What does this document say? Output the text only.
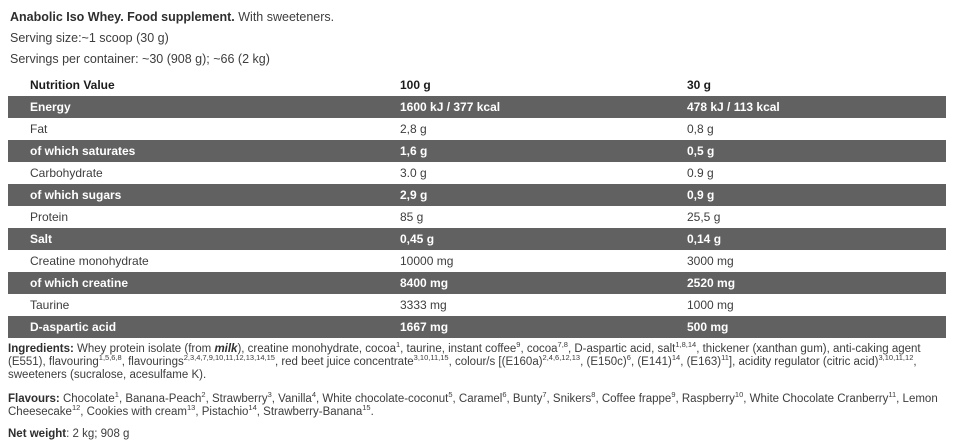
Anabolic Iso Whey. Food supplement. With sweeteners.
Serving size:~1 scoop (30 g)
Servings per container: ~30 (908 g); ~66 (2 kg)
Nutrition Value	100 g	30 g
Energy	1600 kJ / 377 kcal	478 kJ / 113 kcal
Fat	2,8 g	0,8 g
of which saturates	1,6 g	0,5 g
Carbohydrate	3.0 g	0.9 g
of which sugars	2,9 g	0,9 g
Protein	85 g	25,5 g
Salt	0,45 g	0,14 g
Creatine monohydrate	10000 mg	3000 mg
of which creatine	8400 mg	2520 mg
Taurine	3333 mg	1000 mg
D-aspartic acid	1667 mg	500 mg
Ingredients: Whey protein isolate (from milk), creatine monohydrate, cocoa$^1$, taurine, instant coffee$^9$, cocoa$^{7,8}$, D-aspartic acid, salt$^{1,8,14}$, thickener (xanthan gum), anti-caking agent (E551), flavouring$^{1,5,6,8}$, flavourings$^{2,3,4,7,9,10,11,12,13,14,15}$, red beet juice concentrate$^{3,10,11,15}$, colour/s [$(E160a)^{2,4,6,12,13}$, $(E150c)^6$, $(E141)^{14}$, $(E163)^{11}$], acidity regulator (citric acid)$^{3,10,11,12}$, sweeteners (sucralose, acesulfame K).
Flavours: Chocolate$^1$, Banana-Peach$^2$, Strawberry$^3$, Vanilla$^4$, White chocolate-coconut$^5$, Caramel$^6$, Bunty$^7$, Snikers$^8$, Coffee frappe$^9$, Raspberry$^{10}$, White Chocolate Cranberry$^{11}$, Lemon Cheesecake$^{12}$, Cookies with cream$^{13}$, Pistachio$^{14}$, Strawberry-Banana$^{15}$.
Net weight: 2 kg; 908 g
